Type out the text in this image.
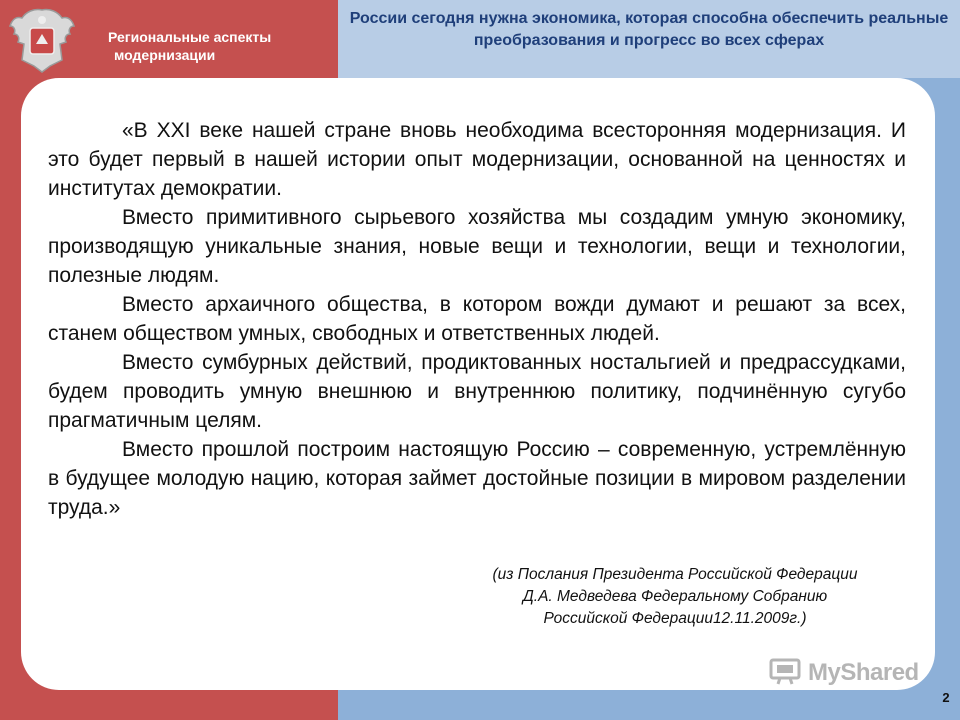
Региональные аспекты
модернизации
России сегодня нужна экономика, которая способна обеспечить реальные преобразования и прогресс во всех сферах

«В XXI веке нашей стране вновь необходима всесторонняя модернизация. И это будет первый в нашей истории опыт модернизации, основанной на ценностях и институтах демократии.

Вместо примитивного сырьевого хозяйства мы создадим умную экономику, производящую уникальные знания, новые вещи и технологии, вещи и технологии, полезные людям.

Вместо архаичного общества, в котором вожди думают и решают за всех, станем обществом умных, свободных и ответственных людей.

Вместо сумбурных действий, продиктованных ностальгией и предрассудками, будем проводить умную внешнюю и внутреннюю политику, подчинённую сугубо прагматичным целям.

Вместо прошлой построим настоящую Россию – современную, устремлённую в будущее молодую нацию, которая займет достойные позиции в мировом разделении труда.»

(из Послания Президента Российской Федерации
Д.А. Медведева Федеральному Собранию
Российской Федерации12.11.2009г.)
MyShared
2
